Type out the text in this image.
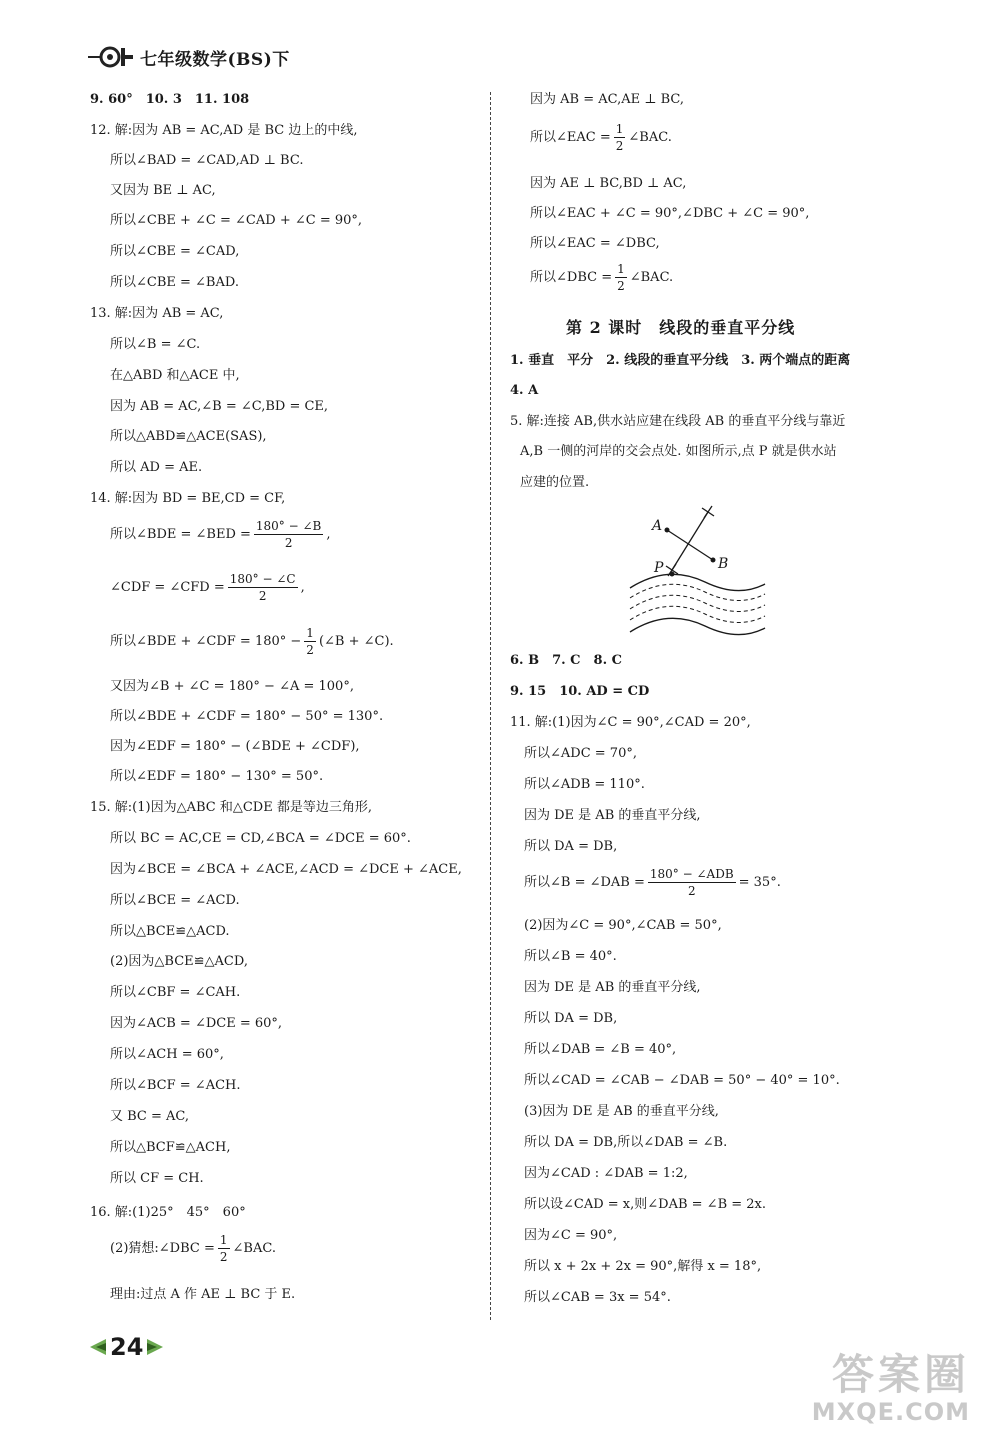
七年级数学(BS)下
9. 60°　10. 3　11. 108
12. 解:因为 AB = AC,AD 是 BC 边上的中线,
所以∠BAD = ∠CAD,AD ⊥ BC.
又因为 BE ⊥ AC,
所以∠CBE + ∠C = ∠CAD + ∠C = 90°,
所以∠CBE = ∠CAD,
所以∠CBE = ∠BAD.
13. 解:因为 AB = AC,
所以∠B = ∠C.
在△ABD 和△ACE 中,
因为 AB = AC,∠B = ∠C,BD = CE,
所以△ABD≌△ACE(SAS),
所以 AD = AE.
14. 解:因为 BD = BE,CD = CF,
所以∠BDE = ∠BED = $\frac{180^\circ - \angle B}{2}$ ,
∠CDF = ∠CFD = $\frac{180^\circ - \angle C}{2}$ ,
所以∠BDE + ∠CDF = $180^\circ - \frac{1}{2}$ (∠B + ∠C).
又因为∠B + ∠C = 180° − ∠A = 100°,
所以∠BDE + ∠CDF = 180° − 50° = 130°.
因为∠EDF = 180° − (∠BDE + ∠CDF),
所以∠EDF = 180° − 130° = 50°.
15. 解:(1)因为△ABC 和△CDE 都是等边三角形,
所以 BC = AC,CE = CD,∠BCA = ∠DCE = 60°.
因为∠BCE = ∠BCA + ∠ACE,∠ACD = ∠DCE + ∠ACE,
所以∠BCE = ∠ACD.
所以△BCE≌△ACD.
(2)因为△BCE≌△ACD,
所以∠CBF = ∠CAH.
因为∠ACB = ∠DCE = 60°,
所以∠ACH = 60°,
所以∠BCF = ∠ACH.
又 BC = AC,
所以△BCF≌△ACH,
所以 CF = CH.
16. 解:(1)25°　45°　60°
(2)猜想:∠DBC = $\frac{1}{2}$ ∠BAC.
理由:过点 A 作 AE ⊥ BC 于 E.
因为 AB = AC,AE ⊥ BC,
所以∠EAC = $\frac{1}{2}$ ∠BAC.
因为 AE ⊥ BC,BD ⊥ AC,
所以∠EAC + ∠C = 90°,∠DBC + ∠C = 90°,
所以∠EAC = ∠DBC,
所以∠DBC = $\frac{1}{2}$ ∠BAC.
第 2 课时　线段的垂直平分线
1. 垂直　平分　2. 线段的垂直平分线　3. 两个端点的距离
4. A
5. 解:连接 AB,供水站应建在线段 AB 的垂直平分线与靠近
A,B 一侧的河岸的交会点处. 如图所示,点 P 就是供水站
应建的位置.
6. B　7. C　8. C
9. 15　10. AD = CD
11. 解:(1)因为∠C = 90°,∠CAD = 20°,
所以∠ADC = 70°,
所以∠ADB = 110°.
因为 DE 是 AB 的垂直平分线,
所以 DA = DB,
所以∠B = ∠DAB = $\frac{\text{180° − ∠ADB}}{2} = 35^\circ$.
(2)因为∠C = 90°,∠CAB = 50°,
所以∠B = 40°.
因为 DE 是 AB 的垂直平分线,
所以 DA = DB,
所以∠DAB = ∠B = 40°,
所以∠CAD = ∠CAB − ∠DAB = 50° − 40° = 10°.
(3)因为 DE 是 AB 的垂直平分线,
所以 DA = DB,所以∠DAB = ∠B.
因为∠CAD : ∠DAB = 1:2,
所以设∠CAD = x,则∠DAB = ∠B = 2x.
因为∠C = 90°,
所以 x + 2x + 2x = 90°,解得 x = 18°,
所以∠CAB = 3x = 54°.
A
B
P
24
答案圈
MXQE.COM
